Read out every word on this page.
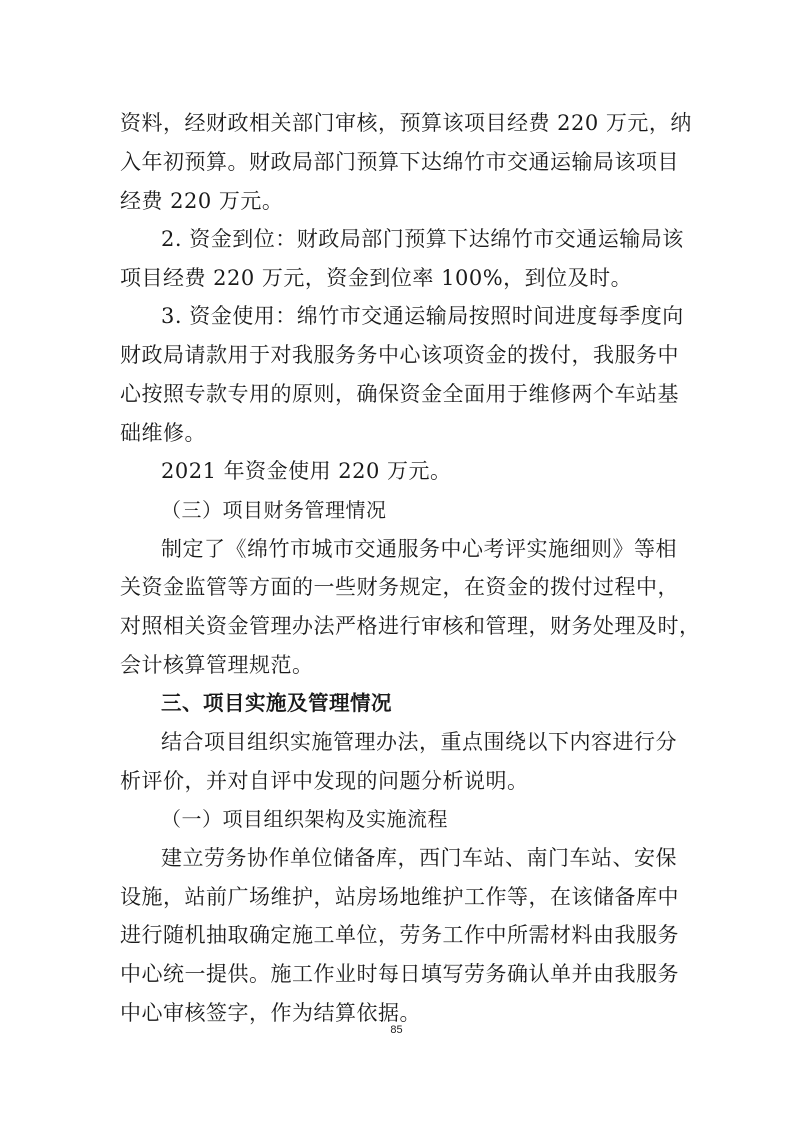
资料，经财政相关部门审核，预算该项目经费 220 万元，纳
入年初预算。财政局部门预算下达绵竹市交通运输局该项目
经费 220 万元。
2. 资金到位：财政局部门预算下达绵竹市交通运输局该
项目经费 220 万元，资金到位率 100%，到位及时。
3. 资金使用：绵竹市交通运输局按照时间进度每季度向
财政局请款用于对我服务务中心该项资金的拨付，我服务中
心按照专款专用的原则，确保资金全面用于维修两个车站基
础维修。
2021 年资金使用 220 万元。
（三）项目财务管理情况
制定了《绵竹市城市交通服务中心考评实施细则》等相
关资金监管等方面的一些财务规定，在资金的拨付过程中，
对照相关资金管理办法严格进行审核和管理，财务处理及时，
会计核算管理规范。
三、项目实施及管理情况
结合项目组织实施管理办法，重点围绕以下内容进行分
析评价，并对自评中发现的问题分析说明。
（一）项目组织架构及实施流程
建立劳务协作单位储备库，西门车站、南门车站、安保
设施，站前广场维护，站房场地维护工作等，在该储备库中
进行随机抽取确定施工单位，劳务工作中所需材料由我服务
中心统一提供。施工作业时每日填写劳务确认单并由我服务
中心审核签字，作为结算依据。
85
